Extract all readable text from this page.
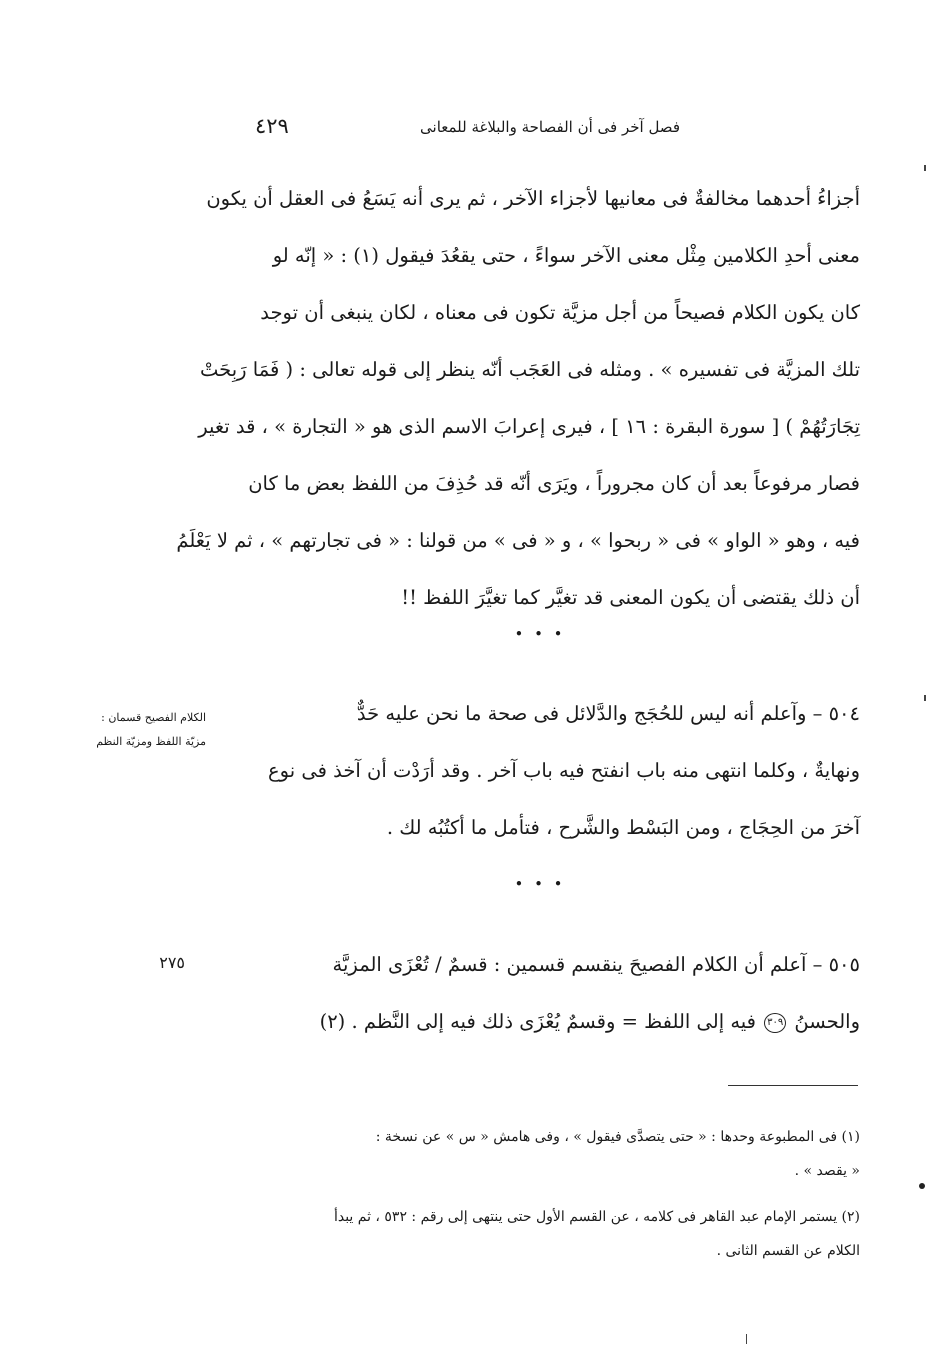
فصل آخر فى أن الفصاحة والبلاغة للمعانى
٤٢٩
أجزاءُ أحدهما مخالفةٌ فى معانيها لأجزاء الآخر ، ثم يرى أنه يَسَعُ فى العقل أن يكون
معنى أحدِ الكلامين مِثْل معنى الآخر سواءً ، حتى يقعُدَ فيقول (١) : « إنّه لو
كان يكون الكلام فصيحاً من أجل مزيَّة تكون فى معناه ، لكان ينبغى أن توجد
تلك المزيَّة فى تفسيره » . ومثله فى العَجَب أنّه ينظر إلى قوله تعالى : ( فَمَا رَبِحَتْ
تِجَارَتُهُمْ ) [ سورة البقرة : ١٦ ] ، فيرى إعرابَ الاسم الذى هو « التجارة » ، قد تغير
فصار مرفوعاً بعد أن كان مجروراً ، ويَرَى أنّه قد حُذِفَ من اللفظ بعض ما كان
فيه ، وهو « الواو » فى « ربحوا » ، و « فى » من قولنا : « فى تجارتهم » ، ثم لا يَعْلَمُ
أن ذلك يقتضى أن يكون المعنى قد تغيَّر كما تغيَّرَ اللفظ !!
• • •
الكلام الفصيح قسمان :
مزيّة اللفظ ومزيّة النظم
٥٠٤ – وآعلم أنه ليس للحُجَج والدَّلائل فى صحة ما نحن عليه حَدٌّ
ونهايةٌ ، وكلما انتهى منه باب انفتح فيه باب آخر . وقد أرَدْت أن آخذ فى نوع
آخرَ من الحِجَاج ، ومن البَسْط والشَّرح ، فتأمل ما أكتُبُه لك .
• • •
٢٧٥	٥٠٥ – آعلم أن الكلام الفصيحَ ينقسم قسمين : قسمٌ / تُعْزَى المزيَّة
والحسنُ ٣٠٩ فيه إلى اللفظ = وقسمٌ يُعْزَى ذلك فيه إلى النَّظم . (٢)
(١) فى المطبوعة وحدها : « حتى يتصدَّى فيقول » ، وفى هامش « س » عن نسخة :
« يقصد » .
(٢) يستمر الإمام عبد القاهر فى كلامه ، عن القسم الأول حتى ينتهى إلى رقم : ٥٣٢ ، ثم يبدأ
الكلام عن القسم الثانى .
